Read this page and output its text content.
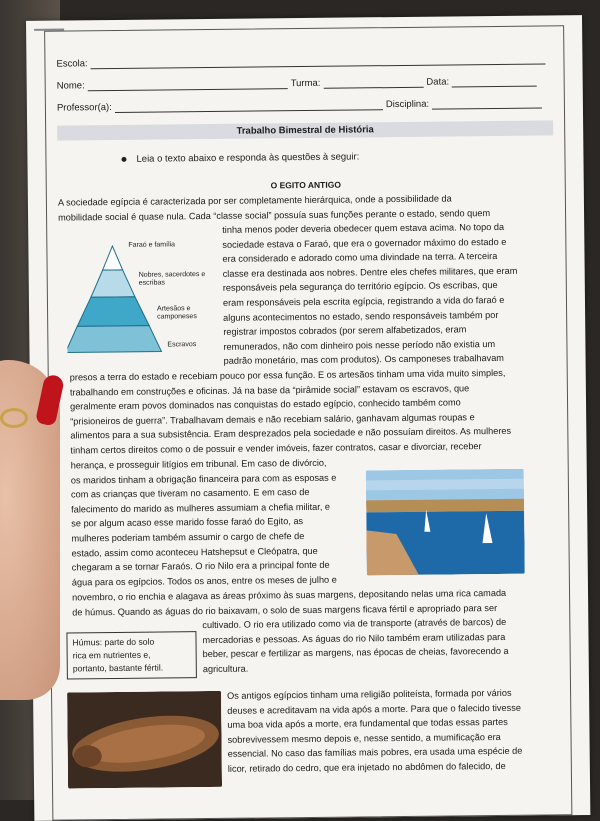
Escola:
Nome:	Turma:	Data:
Professor(a):	Disciplina:
Trabalho Bimestral de História
Leia o texto abaixo e responda às questões à seguir:
O EGITO ANTIGO
A sociedade egípcia é caracterizada por ser completamente hierárquica, onde a possibilidade da
mobilidade social é quase nula. Cada “classe social” possuía suas funções perante o estado, sendo quem
Faraó e família
Nobres, sacerdotes e escribas
Artesãos e camponeses
Escravos
tinha menos poder deveria obedecer quem estava acima. No topo da
sociedade estava o Faraó, que era o governador máximo do estado e
era considerado e adorado como uma divindade na terra. A terceira
classe era destinada aos nobres. Dentre eles chefes militares, que eram
responsáveis pela segurança do território egípcio. Os escribas, que
eram responsáveis pela escrita egípcia, registrando a vida do faraó e
alguns acontecimentos no estado, sendo responsáveis também por
registrar impostos cobrados (por serem alfabetizados, eram
remunerados, não com dinheiro pois nesse período não existia um
padrão monetário, mas com produtos). Os camponeses trabalhavam
presos a terra do estado e recebiam pouco por essa função. E os artesãos tinham uma vida muito simples,
trabalhando em construções e oficinas. Já na base da “pirâmide social” estavam os escravos, que
geralmente eram povos dominados nas conquistas do estado egípcio, conhecido também como
“prisioneiros de guerra”. Trabalhavam demais e não recebiam salário, ganhavam algumas roupas e
alimentos para a sua subsistência. Eram desprezados pela sociedade e não possuíam direitos. As mulheres
tinham certos direitos como o de possuir e vender imóveis, fazer contratos, casar e divorciar, receber
herança, e prosseguir litígios em tribunal. Em caso de divórcio,
os maridos tinham a obrigação financeira para com as esposas e
com as crianças que tiveram no casamento. E em caso de
falecimento do marido as mulheres assumiam a chefia militar, e
se por algum acaso esse marido fosse faraó do Egito, as
mulheres poderiam também assumir o cargo de chefe de
estado, assim como aconteceu Hatshepsut e Cleópatra, que
chegaram a se tornar Faraós. O rio Nilo era a principal fonte de
água para os egípcios. Todos os anos, entre os meses de julho e
novembro, o rio enchia e alagava as áreas próximo às suas margens, depositando nelas uma rica camada
de húmus. Quando as águas do rio baixavam, o solo de suas margens ficava fértil e apropriado para ser
Húmus: parte do solo
rica em nutrientes e,
portanto, bastante fértil.
cultivado. O rio era utilizado como via de transporte (através de barcos) de
mercadorias e pessoas. As águas do rio Nilo também eram utilizadas para
beber, pescar e fertilizar as margens, nas épocas de cheias, favorecendo a
agricultura.
Os antigos egípcios tinham uma religião politeísta, formada por vários
deuses e acreditavam na vida após a morte. Para que o falecido tivesse
uma boa vida após a morte, era fundamental que todas essas partes
sobrevivessem mesmo depois e, nesse sentido, a mumificação era
essencial. No caso das famílias mais pobres, era usada uma espécie de
licor, retirado do cedro, que era injetado no abdômen do falecido, de
